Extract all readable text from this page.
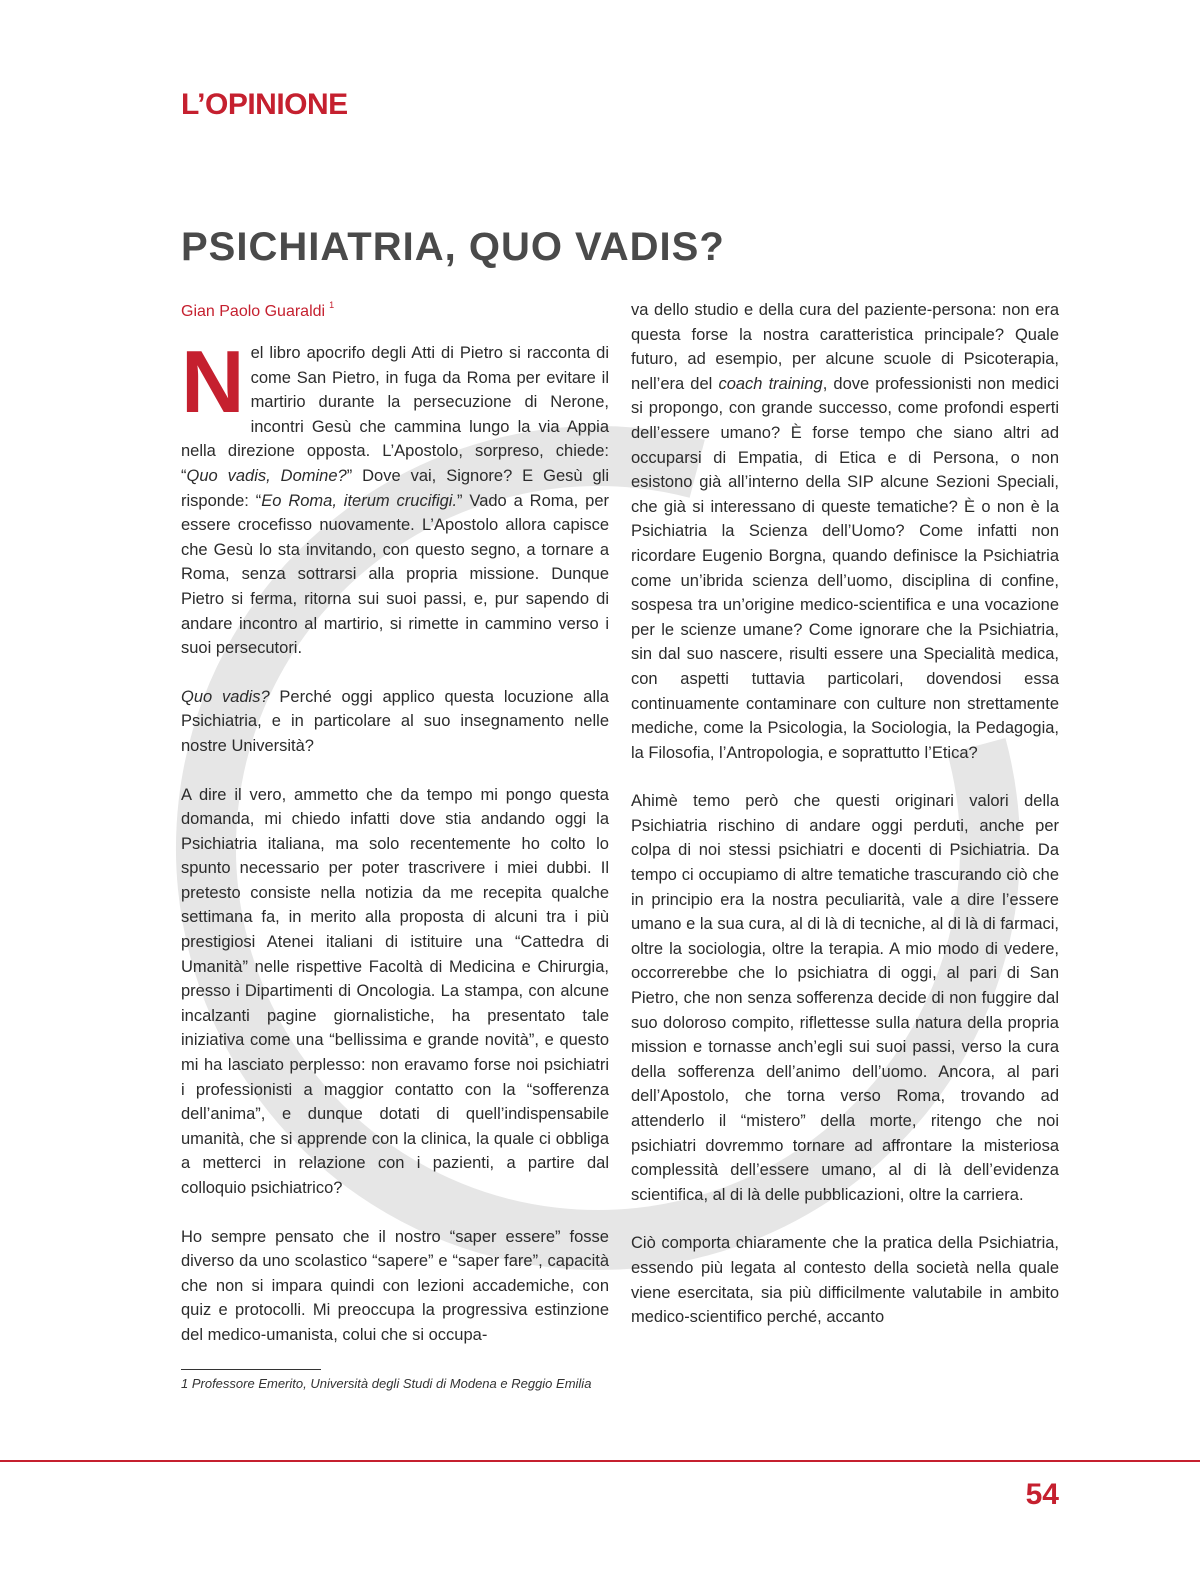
L’OPINIONE
PSICHIATRIA, QUO VADIS?
Gian Paolo Guaraldi $^1$

Nel libro apocrifo degli Atti di Pietro si racconta di come San Pietro, in fuga da Roma per evitare il martirio durante la persecuzione di Nerone, incontri Gesù che cammina lungo la via Appia nella direzione opposta. L’Apostolo, sorpreso, chiede: “Quo vadis, Domine?” Dove vai, Signore? E Gesù gli risponde: “Eo Roma, iterum crucifigi.” Vado a Roma, per essere crocefisso nuovamente. L’Apostolo allora capisce che Gesù lo sta invitando, con questo segno, a tornare a Roma, senza sottrarsi alla propria missione. Dunque Pietro si ferma, ritorna sui suoi passi, e, pur sapendo di andare incontro al martirio, si rimette in cammino verso i suoi persecutori.

Quo vadis? Perché oggi applico questa locuzione alla Psichiatria, e in particolare al suo insegnamento nelle nostre Università?

A dire il vero, ammetto che da tempo mi pongo questa domanda, mi chiedo infatti dove stia andando oggi la Psichiatria italiana, ma solo recentemente ho colto lo spunto necessario per poter trascrivere i miei dubbi. Il pretesto consiste nella notizia da me recepita qualche settimana fa, in merito alla proposta di alcuni tra i più prestigiosi Atenei italiani di istituire una “Cattedra di Umanità” nelle rispettive Facoltà di Medicina e Chirurgia, presso i Dipartimenti di Oncologia. La stampa, con alcune incalzanti pagine giornalistiche, ha presentato tale iniziativa come una “bellissima e grande novità”, e questo mi ha lasciato perplesso: non eravamo forse noi psichiatri i professionisti a maggior contatto con la “sofferenza dell’anima”, e dunque dotati di quell’indispensabile umanità, che si apprende con la clinica, la quale ci obbliga a metterci in relazione con i pazienti, a partire dal colloquio psichiatrico?

Ho sempre pensato che il nostro “saper essere” fosse diverso da uno scolastico “sapere” e “saper fare”, capacità che non si impara quindi con lezioni accademiche, con quiz e protocolli. Mi preoccupa la progressiva estinzione del medico-umanista, colui che si occupa-

va dello studio e della cura del paziente-persona: non era questa forse la nostra caratteristica principale? Quale futuro, ad esempio, per alcune scuole di Psicoterapia, nell’era del coach training, dove professionisti non medici si propongo, con grande successo, come profondi esperti dell’essere umano? È forse tempo che siano altri ad occuparsi di Empatia, di Etica e di Persona, o non esistono già all’interno della SIP alcune Sezioni Speciali, che già si interessano di queste tematiche? È o non è la Psichiatria la Scienza dell’Uomo? Come infatti non ricordare Eugenio Borgna, quando definisce la Psichiatria come un’ibrida scienza dell’uomo, disciplina di confine, sospesa tra un’origine medico-scientifica e una vocazione per le scienze umane? Come ignorare che la Psichiatria, sin dal suo nascere, risulti essere una Specialità medica, con aspetti tuttavia particolari, dovendosi essa continuamente contaminare con culture non strettamente mediche, come la Psicologia, la Sociologia, la Pedagogia, la Filosofia, l’Antropologia, e soprattutto l’Etica?

Ahimè temo però che questi originari valori della Psichiatria rischino di andare oggi perduti, anche per colpa di noi stessi psichiatri e docenti di Psichiatria. Da tempo ci occupiamo di altre tematiche trascurando ciò che in principio era la nostra peculiarità, vale a dire l’essere umano e la sua cura, al di là di tecniche, al di là di farmaci, oltre la sociologia, oltre la terapia. A mio modo di vedere, occorrerebbe che lo psichiatra di oggi, al pari di San Pietro, che non senza sofferenza decide di non fuggire dal suo doloroso compito, riflettesse sulla natura della propria mission e tornasse anch’egli sui suoi passi, verso la cura della sofferenza dell’animo dell’uomo. Ancora, al pari dell’Apostolo, che torna verso Roma, trovando ad attenderlo il “mistero” della morte, ritengo che noi psichiatri dovremmo tornare ad affrontare la misteriosa complessità dell’essere umano, al di là dell’evidenza scientifica, al di là delle pubblicazioni, oltre la carriera.

Ciò comporta chiaramente che la pratica della Psichiatria, essendo più legata al contesto della società nella quale viene esercitata, sia più difficilmente valutabile in ambito medico-scientifico perché, accanto

1 Professore Emerito, Università degli Studi di Modena e Reggio Emilia
54
